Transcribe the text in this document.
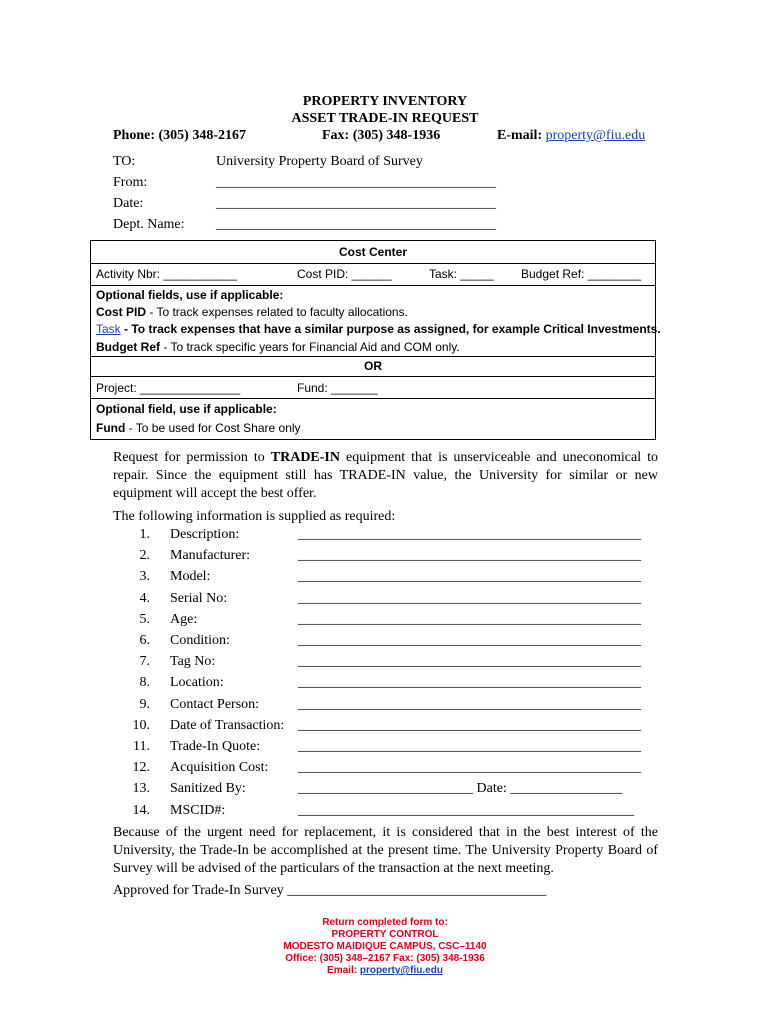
PROPERTY INVENTORY
ASSET TRADE-IN REQUEST
Phone: (305) 348-2167	Fax: (305) 348-1936	E-mail: property@fiu.edu
TO:	University Property Board of Survey
From:	________________________________________
Date:	________________________________________
Dept. Name: ________________________________________
Cost Center
Activity Nbr: ___________	Cost PID: ______	Task: _____ Budget Ref: ________
Optional fields, use if applicable:
Cost PID - To track expenses related to faculty allocations.
Task - To track expenses that have a similar purpose as assigned, for example Critical Investments.
Budget Ref - To track specific years for Financial Aid and COM only.
OR
Project: _______________	Fund: _______
Optional field, use if applicable:
Fund - To be used for Cost Share only
Request for permission to TRADE-IN equipment that is unserviceable and uneconomical to repair. Since the equipment still has TRADE-IN value, the University for similar or new equipment will accept the best offer.
The following information is supplied as required:
1. Description:	_________________________________________________
2. Manufacturer:	_________________________________________________
3. Model:	_________________________________________________
4. Serial No:	_________________________________________________
5. Age:	_________________________________________________
6. Condition:	_________________________________________________
7. Tag No:	_________________________________________________
8. Location:	_________________________________________________
9. Contact Person:	_________________________________________________
10. Date of Transaction: _________________________________________________
11. Trade-In Quote:	_________________________________________________
12. Acquisition Cost: _________________________________________________
13. Sanitized By:	_________________________ Date: ________________
14. MSCID#:	________________________________________________
Because of the urgent need for replacement, it is considered that in the best interest of the University, the Trade-In be accomplished at the present time. The University Property Board of Survey will be advised of the particulars of the transaction at the next meeting.
Approved for Trade-In Survey _____________________________________
Return completed form to:
PROPERTY CONTROL
MODESTO MAIDIQUE CAMPUS, CSC–1140
Office: (305) 348–2167 Fax: (305) 348-1936
Email: property@fiu.edu
